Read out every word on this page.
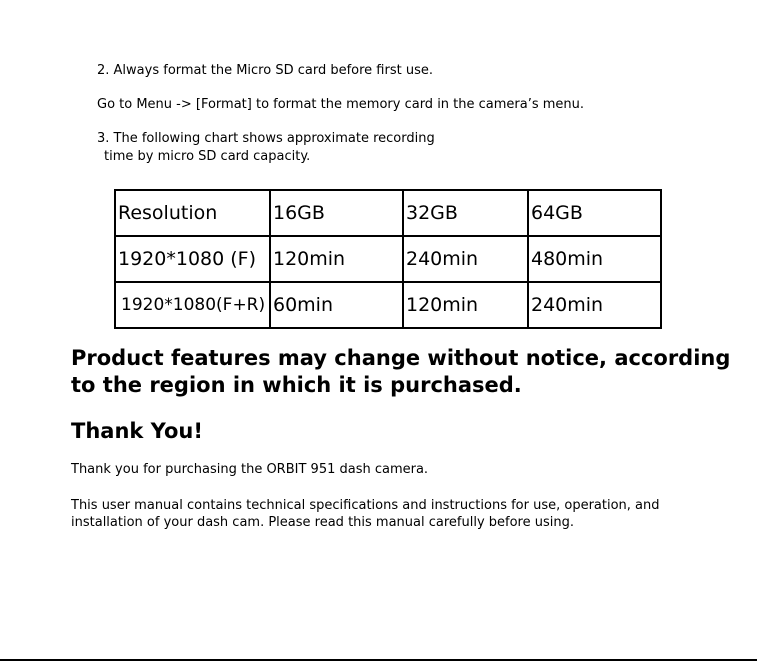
2. Always format the Micro SD card before first use.
Go to Menu -> [Format] to format the memory card in the camera’s menu.
3. The following chart shows approximate recording
time by micro SD card capacity.
Resolution	16GB	32GB	64GB
1920*1080 (F)	120min	240min	480min
1920*1080(F+R)	60min	120min	240min
Product features may change without notice, according
to the region in which it is purchased.
Thank You!
Thank you for purchasing the ORBIT 951 dash camera.
This user manual contains technical specifications and instructions for use, operation, and
installation of your dash cam. Please read this manual carefully before using.
